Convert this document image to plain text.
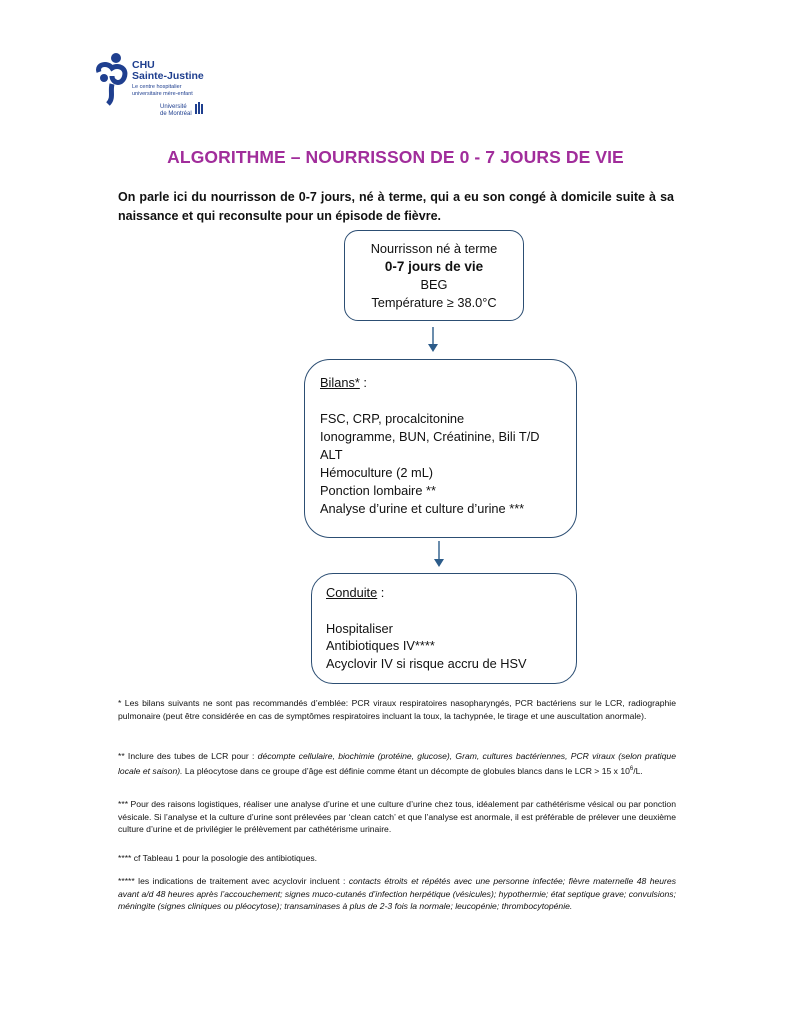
CHU
Sainte-Justine
Le centre hospitalier universitaire mère-enfant
Université
de Montréal
ALGORITHME – NOURRISSON DE 0 - 7 JOURS DE VIE
On parle ici du nourrisson de 0-7 jours, né à terme, qui a eu son congé à domicile suite à sa naissance et qui reconsulte pour un épisode de fièvre.
Nourrisson né à terme
0-7 jours de vie
BEG
Température ≥ 38.0°C
Bilans* :
FSC, CRP, procalcitonine
Ionogramme, BUN, Créatinine, Bili T/D
ALT
Hémoculture (2 mL)
Ponction lombaire **
Analyse d’urine et culture d’urine ***
Conduite :
Hospitaliser
Antibiotiques IV****
Acyclovir IV si risque accru de HSV
* Les bilans suivants ne sont pas recommandés d’emblée: PCR viraux respiratoires nasopharyngés, PCR bactériens sur le LCR, radiographie pulmonaire (peut être considérée en cas de symptômes respiratoires incluant la toux, la tachypnée, le tirage et une auscultation anormale).
** Inclure des tubes de LCR pour : décompte cellulaire, biochimie (protéine, glucose), Gram, cultures bactériennes, PCR viraux (selon pratique locale et saison). La pléocytose dans ce groupe d’âge est définie comme étant un décompte de globules blancs dans le LCR > 15 x $10^6/L$.
*** Pour des raisons logistiques, réaliser une analyse d’urine et une culture d’urine chez tous, idéalement par cathétérisme vésical ou par ponction vésicale. Si l’analyse et la culture d’urine sont prélevées par ‘clean catch’ et que l’analyse est anormale, il est préférable de prélever une deuxième culture d’urine et de privilégier le prélèvement par cathétérisme urinaire.
**** cf Tableau 1 pour la posologie des antibiotiques.
***** les indications de traitement avec acyclovir incluent : contacts étroits et répétés avec une personne infectée; fièvre maternelle 48 heures avant a/d 48 heures après l’accouchement; signes muco-cutanés d’infection herpétique (vésicules); hypothermie; état septique grave; convulsions; méningite (signes cliniques ou pléocytose); transaminases à plus de 2-3 fois la normale; leucopénie; thrombocytopénie.
